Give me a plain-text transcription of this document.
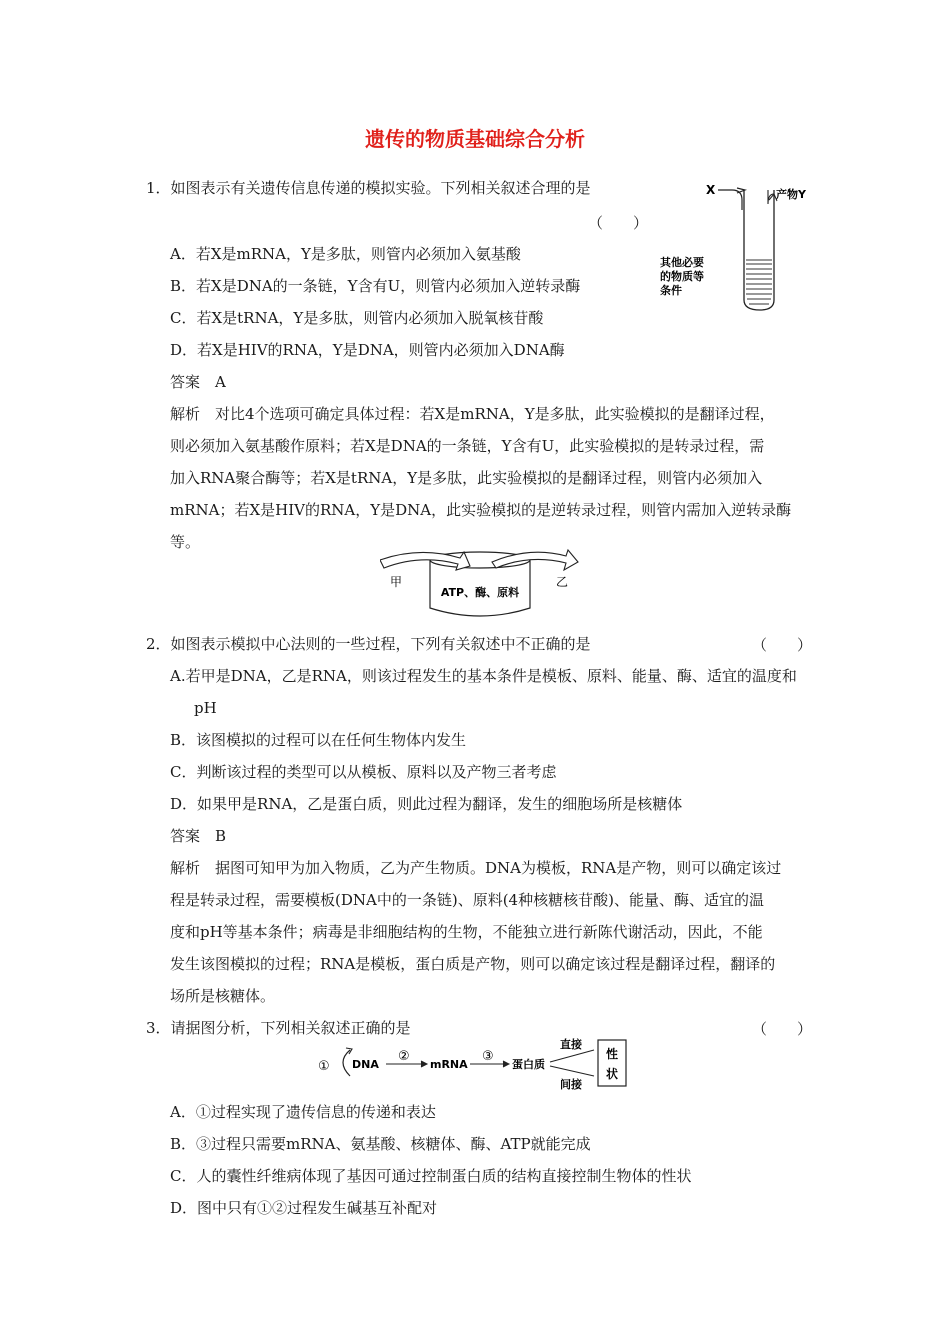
遗传的物质基础综合分析
1．如图表示有关遗传信息传递的模拟实验。下列相关叙述合理的是
（　　）
A．若X是mRNA，Y是多肽，则管内必须加入氨基酸
B．若X是DNA的一条链，Y含有U，则管内必须加入逆转录酶
C．若X是tRNA，Y是多肽，则管内必须加入脱氧核苷酸
D．若X是HIV的RNA，Y是DNA，则管内必须加入DNA酶
答案　A
解析　对比4个选项可确定具体过程：若X是mRNA，Y是多肽，此实验模拟的是翻译过程，
则必须加入氨基酸作原料；若X是DNA的一条链，Y含有U，此实验模拟的是转录过程，需
加入RNA聚合酶等；若X是tRNA，Y是多肽，此实验模拟的是翻译过程，则管内必须加入
mRNA；若X是HIV的RNA，Y是DNA，此实验模拟的是逆转录过程，则管内需加入逆转录酶
等。
X	产物Y
其他必要
的物质等
条件
ATP、酶、原料
甲	乙
2．如图表示模拟中心法则的一些过程，下列有关叙述中不正确的是	（　　）
A.若甲是DNA，乙是RNA，则该过程发生的基本条件是模板、原料、能量、酶、适宜的温度和
pH
B．该图模拟的过程可以在任何生物体内发生
C．判断该过程的类型可以从模板、原料以及产物三者考虑
D．如果甲是RNA，乙是蛋白质，则此过程为翻译，发生的细胞场所是核糖体
答案　B
解析　据图可知甲为加入物质，乙为产生物质。DNA为模板，RNA是产物，则可以确定该过
程是转录过程，需要模板(DNA中的一条链)、原料(4种核糖核苷酸)、能量、酶、适宜的温
度和pH等基本条件；病毒是非细胞结构的生物，不能独立进行新陈代谢活动，因此，不能
发生该图模拟的过程；RNA是模板，蛋白质是产物，则可以确定该过程是翻译过程，翻译的
场所是核糖体。
3．请据图分析，下列相关叙述正确的是	（　　）
① DNA
②
mRNA
③
蛋白质
直接
间接
性
状
A．①过程实现了遗传信息的传递和表达
B．③过程只需要mRNA、氨基酸、核糖体、酶、ATP就能完成
C．人的囊性纤维病体现了基因可通过控制蛋白质的结构直接控制生物体的性状
D．图中只有①②过程发生碱基互补配对
